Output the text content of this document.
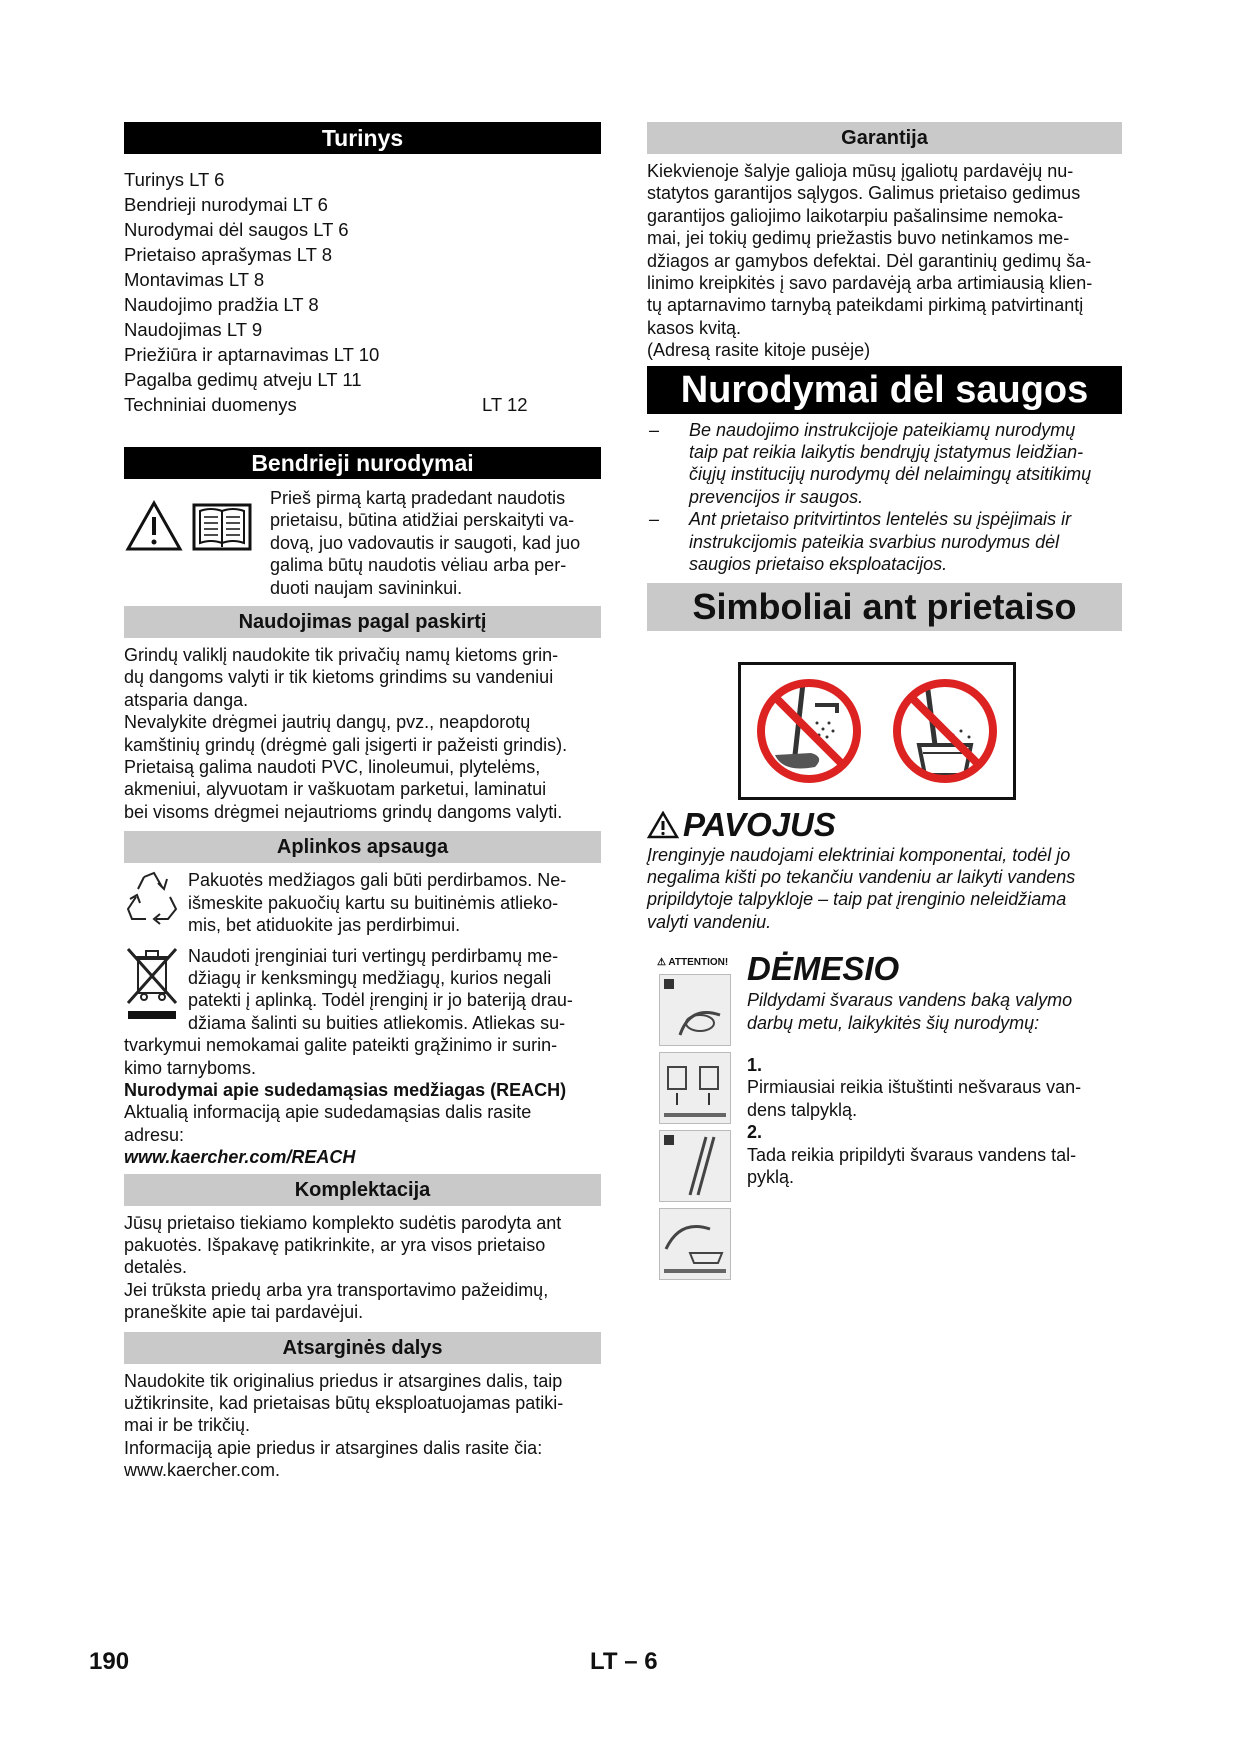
Turinys
Turinys LT 6
Bendrieji nurodymai LT 6
Nurodymai dėl saugos LT 6
Prietaiso aprašymas LT 8
Montavimas LT 8
Naudojimo pradžia LT 8
Naudojimas LT 9
Priežiūra ir aptarnavimas LT 10
Pagalba gedimų atveju LT 11
Techniniai duomenys	LT 12
Bendrieji nurodymai

Prieš pirmą kartą pradedant naudotis

prietaisu, būtina atidžiai perskaityti va-

dovą, juo vadovautis ir saugoti, kad juo

galima būtų naudotis vėliau arba per-

duoti naujam savininkui.

Naudojimas pagal paskirtį

Grindų valiklį naudokite tik privačių namų kietoms grin-

dų dangoms valyti ir tik kietoms grindims su vandeniui

atsparia danga.

Nevalykite drėgmei jautrių dangų, pvz., neapdorotų

kamštinių grindų (drėgmė gali įsigerti ir pažeisti grindis).

Prietaisą galima naudoti PVC, linoleumui, plytelėms,

akmeniui, alyvuotam ir vaškuotam parketui, laminatui

bei visoms drėgmei nejautrioms grindų dangoms valyti.

Aplinkos apsauga

Pakuotės medžiagos gali būti perdirbamos. Ne-

išmeskite pakuočių kartu su buitinėmis atlieko-

mis, bet atiduokite jas perdirbimui.

Naudoti įrenginiai turi vertingų perdirbamų me-

džiagų ir kenksmingų medžiagų, kurios negali

patekti į aplinką. Todėl įrenginį ir jo bateriją drau-

džiama šalinti su buities atliekomis. Atliekas su-

tvarkymui nemokamai galite pateikti grąžinimo ir surin-

kimo tarnyboms.

Nurodymai apie sudedamąsias medžiagas (REACH)

Aktualią informaciją apie sudedamąsias dalis rasite

adresu:

www.kaercher.com/REACH

Komplektacija

Jūsų prietaiso tiekiamo komplekto sudėtis parodyta ant

pakuotės. Išpakavę patikrinkite, ar yra visos prietaiso

detalės.

Jei trūksta priedų arba yra transportavimo pažeidimų,

praneškite apie tai pardavėjui.

Atsarginės dalys

Naudokite tik originalius priedus ir atsargines dalis, taip

užtikrinsite, kad prietaisas būtų eksploatuojamas patiki-

mai ir be trikčių.

Informaciją apie priedus ir atsargines dalis rasite čia:

www.kaercher.com.

Garantija

Kiekvienoje šalyje galioja mūsų įgaliotų pardavėjų nu-

statytos garantijos sąlygos. Galimus prietaiso gedimus

garantijos galiojimo laikotarpiu pašalinsime nemoka-

mai, jei tokių gedimų priežastis buvo netinkamos me-

džiagos ar gamybos defektai. Dėl garantinių gedimų ša-

linimo kreipkitės į savo pardavėją arba artimiausią klien-

tų aptarnavimo tarnybą pateikdami pirkimą patvirtinantį

kasos kvitą.

(Adresą rasite kitoje pusėje)

Nurodymai dėl saugos
–	Be naudojimo instrukcijoje pateikiamų nurodymų
taip pat reikia laikytis bendrųjų įstatymus leidžian-
čiųjų institucijų nurodymų dėl nelaimingų atsitikimų
prevencijos ir saugos.
–	Ant prietaiso pritvirtintos lentelės su įspėjimais ir
instrukcijomis pateikia svarbius nurodymus dėl
saugios prietaiso eksploatacijos.
Simboliai ant prietaiso
PAVOJUS

Įrenginyje naudojami elektriniai komponentai, todėl jo

negalima kišti po tekančiu vandeniu ar laikyti vandens

pripildytoje talpykloje – taip pat įrenginio neleidžiama

valyti vandeniu.

⚠ ATTENTION! DĖMESIO

Pildydami švaraus vandens baką valymo

darbų metu, laikykitės šių nurodymų:

1.

Pirmiausiai reikia ištuštinti nešvaraus van-

dens talpyklą.

2.

Tada reikia pripildyti švaraus vandens tal-

pyklą.

190	LT – 6
